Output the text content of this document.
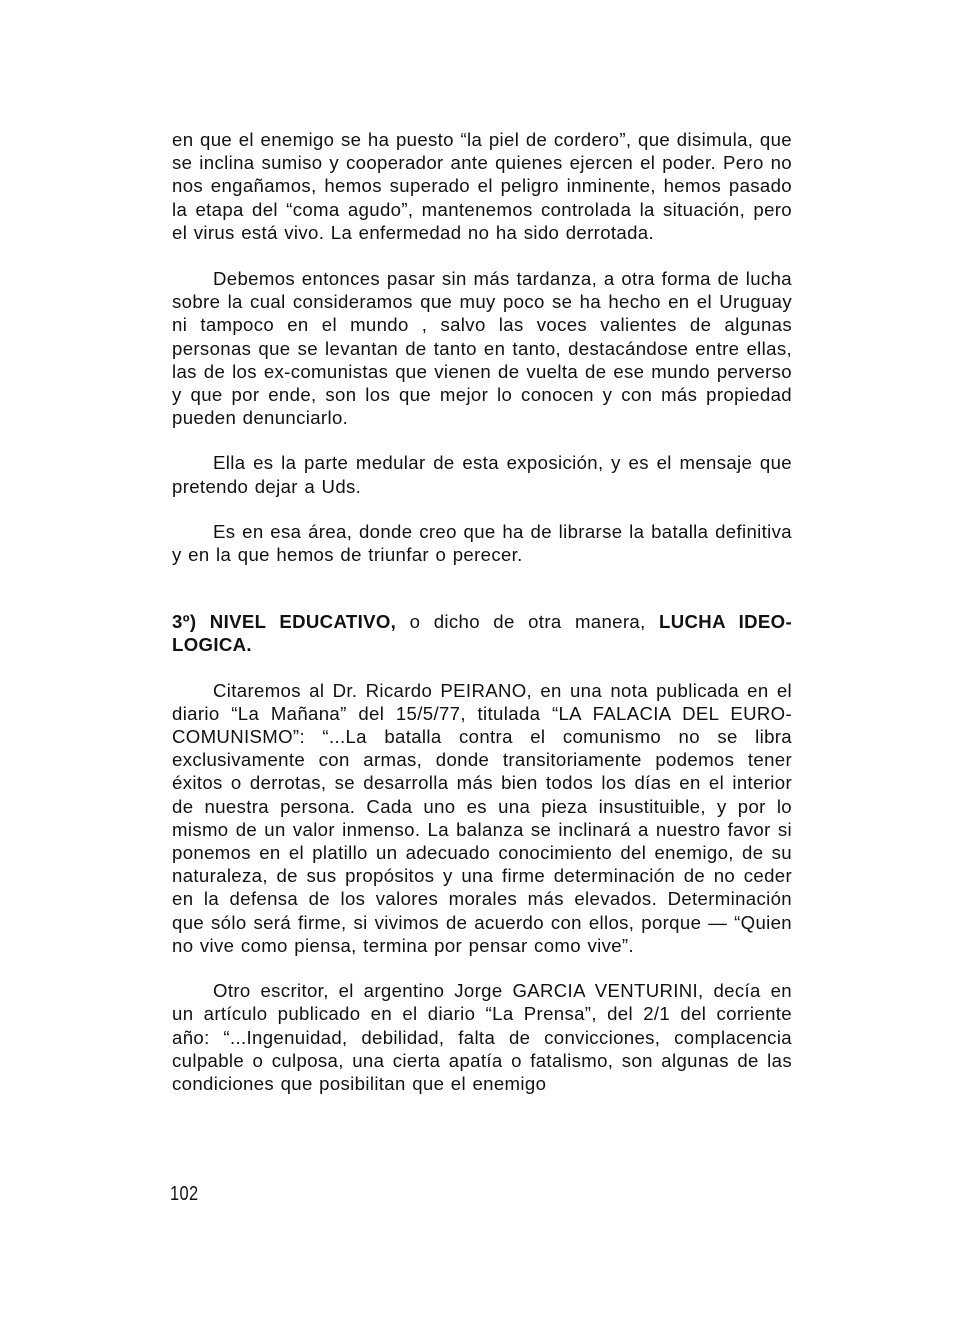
en que el enemigo se ha puesto “la piel de cordero”, que disimula, que se inclina sumiso y cooperador ante quienes ejercen el poder. Pero no nos engañamos, hemos superado el peligro inminente, hemos pasado la etapa del “coma agudo”, mantenemos controlada la situación, pero el virus está vivo. La enfermedad no ha sido derrotada.

Debemos entonces pasar sin más tardanza, a otra forma de lucha sobre la cual consideramos que muy poco se ha hecho en el Uruguay ni tampoco en el mundo , salvo las voces valientes de algunas personas que se levantan de tanto en tanto, destacándose entre ellas, las de los ex-comunistas que vienen de vuelta de ese mundo perverso y que por ende, son los que mejor lo conocen y con más propiedad pueden denunciarlo.

Ella es la parte medular de esta exposición, y es el mensaje que pretendo dejar a Uds.

Es en esa área, donde creo que ha de librarse la batalla definitiva y en la que hemos de triunfar o perecer.

3º) NIVEL EDUCATIVO, o dicho de otra manera, LUCHA IDEO-LOGICA.

Citaremos al Dr. Ricardo PEIRANO, en una nota publicada en el diario “La Mañana” del 15/5/77, titulada “LA FALACIA DEL EURO-COMUNISMO”: “...La batalla contra el comunismo no se libra exclusivamente con armas, donde transitoriamente podemos tener éxitos o derrotas, se desarrolla más bien todos los días en el interior de nuestra persona. Cada uno es una pieza insustituible, y por lo mismo de un valor inmenso. La balanza se inclinará a nuestro favor si ponemos en el platillo un adecuado conocimiento del enemigo, de su naturaleza, de sus propósitos y una firme determinación de no ceder en la defensa de los valores morales más elevados. Determinación que sólo será firme, si vivimos de acuerdo con ellos, porque — “Quien no vive como piensa, termina por pensar como vive”.

Otro escritor, el argentino Jorge GARCIA VENTURINI, decía en un artículo publicado en el diario “La Prensa”, del 2/1 del corriente año: “...Ingenuidad, debilidad, falta de convicciones, complacencia culpable o culposa, una cierta apatía o fatalismo, son algunas de las condiciones que posibilitan que el enemigo

102
